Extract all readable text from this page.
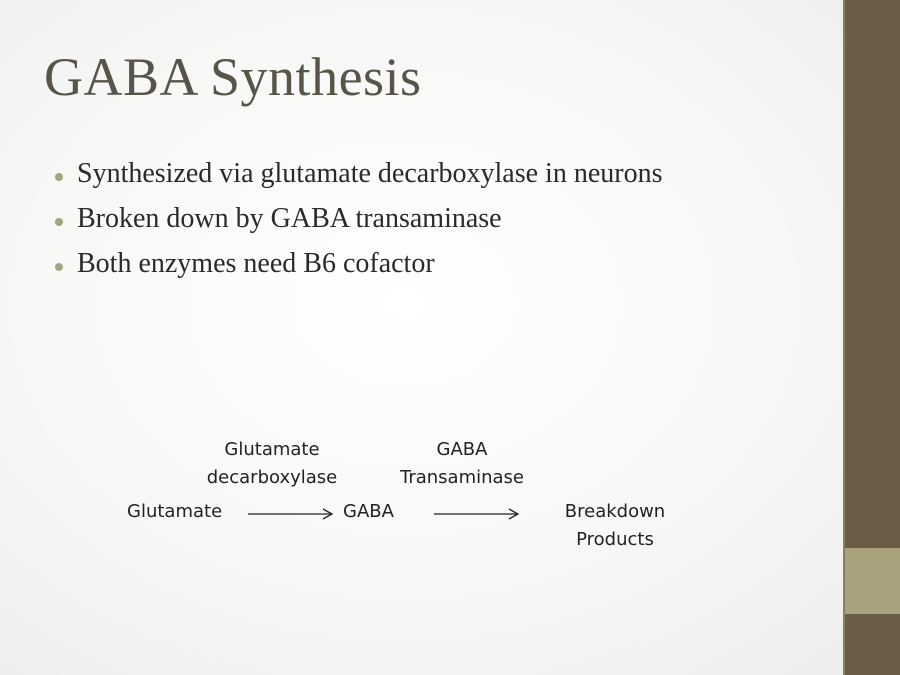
GABA Synthesis
Synthesized via glutamate decarboxylase in neurons
Broken down by GABA transaminase
Both enzymes need B6 cofactor
Glutamate
decarboxylase
GABA
Transaminase
Glutamate	GABA	Breakdown
Products
